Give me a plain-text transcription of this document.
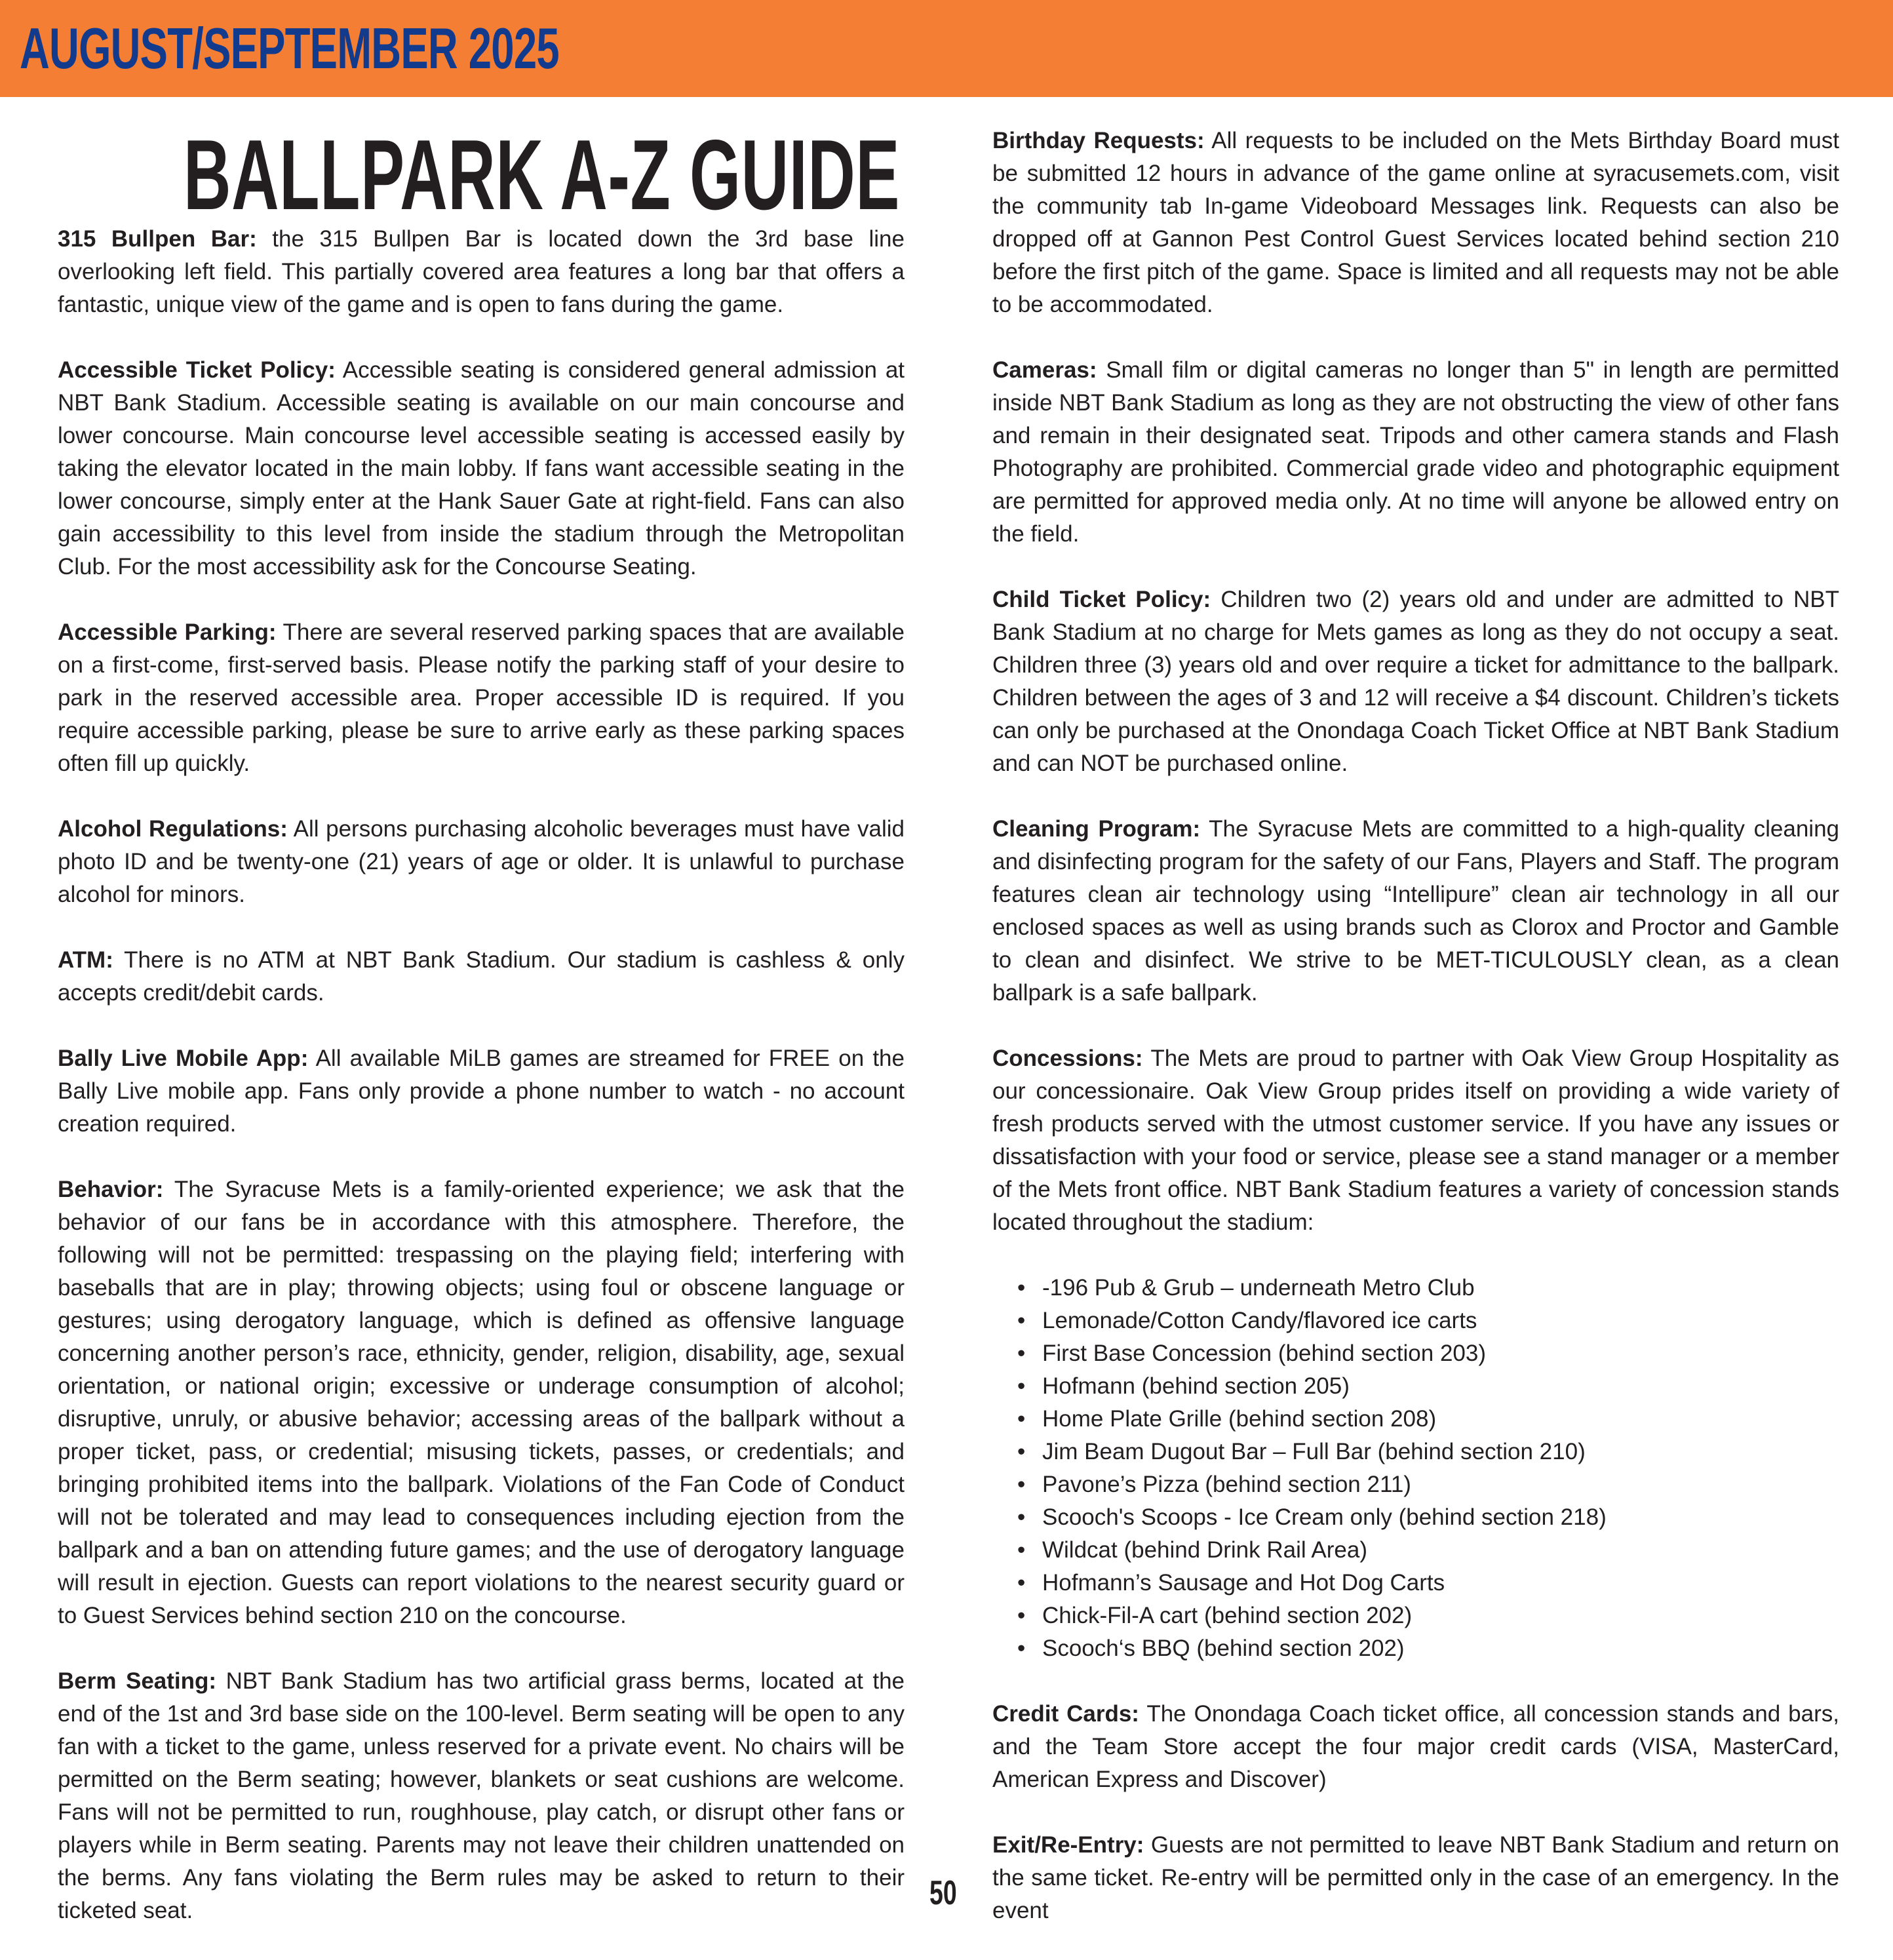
AUGUST/SEPTEMBER 2025
BALLPARK A-Z GUIDE

315 Bullpen Bar: the 315 Bullpen Bar is located down the 3rd base line overlooking left field. This partially covered area features a long bar that offers a fantastic, unique view of the game and is open to fans during the game.

Accessible Ticket Policy: Accessible seating is considered general admission at NBT Bank Stadium. Accessible seating is available on our main concourse and lower concourse. Main concourse level accessible seating is accessed easily by taking the elevator located in the main lobby. If fans want accessible seating in the lower concourse, simply enter at the Hank Sauer Gate at right-field. Fans can also gain accessibility to this level from inside the stadium through the Metropolitan Club. For the most accessibility ask for the Concourse Seating.

Accessible Parking: There are several reserved parking spaces that are available on a first-come, first-served basis. Please notify the parking staff of your desire to park in the reserved accessible area. Proper accessible ID is required. If you require accessible parking, please be sure to arrive early as these parking spaces often fill up quickly.

Alcohol Regulations: All persons purchasing alcoholic beverages must have valid photo ID and be twenty-one (21) years of age or older. It is unlawful to purchase alcohol for minors.

ATM: There is no ATM at NBT Bank Stadium. Our stadium is cashless & only accepts credit/debit cards.

Bally Live Mobile App: All available MiLB games are streamed for FREE on the Bally Live mobile app. Fans only provide a phone number to watch - no account creation required.

Behavior: The Syracuse Mets is a family-oriented experience; we ask that the behavior of our fans be in accordance with this atmosphere. Therefore, the following will not be permitted: trespassing on the playing field; interfering with baseballs that are in play; throwing objects; using foul or obscene language or gestures; using derogatory language, which is defined as offensive language concerning another person’s race, ethnicity, gender, religion, disability, age, sexual orientation, or national origin; excessive or underage consumption of alcohol; disruptive, unruly, or abusive behavior; accessing areas of the ballpark without a proper ticket, pass, or credential; misusing tickets, passes, or credentials; and bringing prohibited items into the ballpark. Violations of the Fan Code of Conduct will not be tolerated and may lead to consequences including ejection from the ballpark and a ban on attending future games; and the use of derogatory language will result in ejection. Guests can report violations to the nearest security guard or to Guest Services behind section 210 on the concourse.

Berm Seating: NBT Bank Stadium has two artificial grass berms, located at the end of the 1st and 3rd base side on the 100-level. Berm seating will be open to any fan with a ticket to the game, unless reserved for a private event. No chairs will be permitted on the Berm seating; however, blankets or seat cushions are welcome. Fans will not be permitted to run, roughhouse, play catch, or disrupt other fans or players while in Berm seating. Parents may not leave their children unattended on the berms. Any fans violating the Berm rules may be asked to return to their ticketed seat.

Birthday Requests: All requests to be included on the Mets Birthday Board must be submitted 12 hours in advance of the game online at syracusemets.com, visit the community tab In-game Videoboard Messages link. Requests can also be dropped off at Gannon Pest Control Guest Services located behind section 210 before the first pitch of the game. Space is limited and all requests may not be able to be accommodated.

Cameras: Small film or digital cameras no longer than 5" in length are permitted inside NBT Bank Stadium as long as they are not obstructing the view of other fans and remain in their designated seat. Tripods and other camera stands and Flash Photography are prohibited. Commercial grade video and photographic equipment are permitted for approved media only. At no time will anyone be allowed entry on the field.

Child Ticket Policy: Children two (2) years old and under are admitted to NBT Bank Stadium at no charge for Mets games as long as they do not occupy a seat. Children three (3) years old and over require a ticket for admittance to the ballpark. Children between the ages of 3 and 12 will receive a $4 discount. Children’s tickets can only be purchased at the Onondaga Coach Ticket Office at NBT Bank Stadium and can NOT be purchased online.

Cleaning Program: The Syracuse Mets are committed to a high-quality cleaning and disinfecting program for the safety of our Fans, Players and Staff. The program features clean air technology using “Intellipure” clean air technology in all our enclosed spaces as well as using brands such as Clorox and Proctor and Gamble to clean and disinfect. We strive to be MET-TICULOUSLY clean, as a clean ballpark is a safe ballpark.

Concessions: The Mets are proud to partner with Oak View Group Hospitality as our concessionaire. Oak View Group prides itself on providing a wide variety of fresh products served with the utmost customer service. If you have any issues or dissatisfaction with your food or service, please see a stand manager or a member of the Mets front office. NBT Bank Stadium features a variety of concession stands located throughout the stadium:

• -196 Pub & Grub – underneath Metro Club
• Lemonade/Cotton Candy/flavored ice carts
• First Base Concession (behind section 203)
• Hofmann (behind section 205)
• Home Plate Grille (behind section 208)
• Jim Beam Dugout Bar – Full Bar (behind section 210)
• Pavone’s Pizza (behind section 211)
• Scooch's Scoops - Ice Cream only (behind section 218)
• Wildcat (behind Drink Rail Area)
• Hofmann’s Sausage and Hot Dog Carts
• Chick-Fil-A cart (behind section 202)
• Scooch‘s BBQ (behind section 202)

Credit Cards: The Onondaga Coach ticket office, all concession stands and bars, and the Team Store accept the four major credit cards (VISA, MasterCard, American Express and Discover)

Exit/Re-Entry: Guests are not permitted to leave NBT Bank Stadium and return on the same ticket. Re-entry will be permitted only in the case of an emergency. In the event

50
